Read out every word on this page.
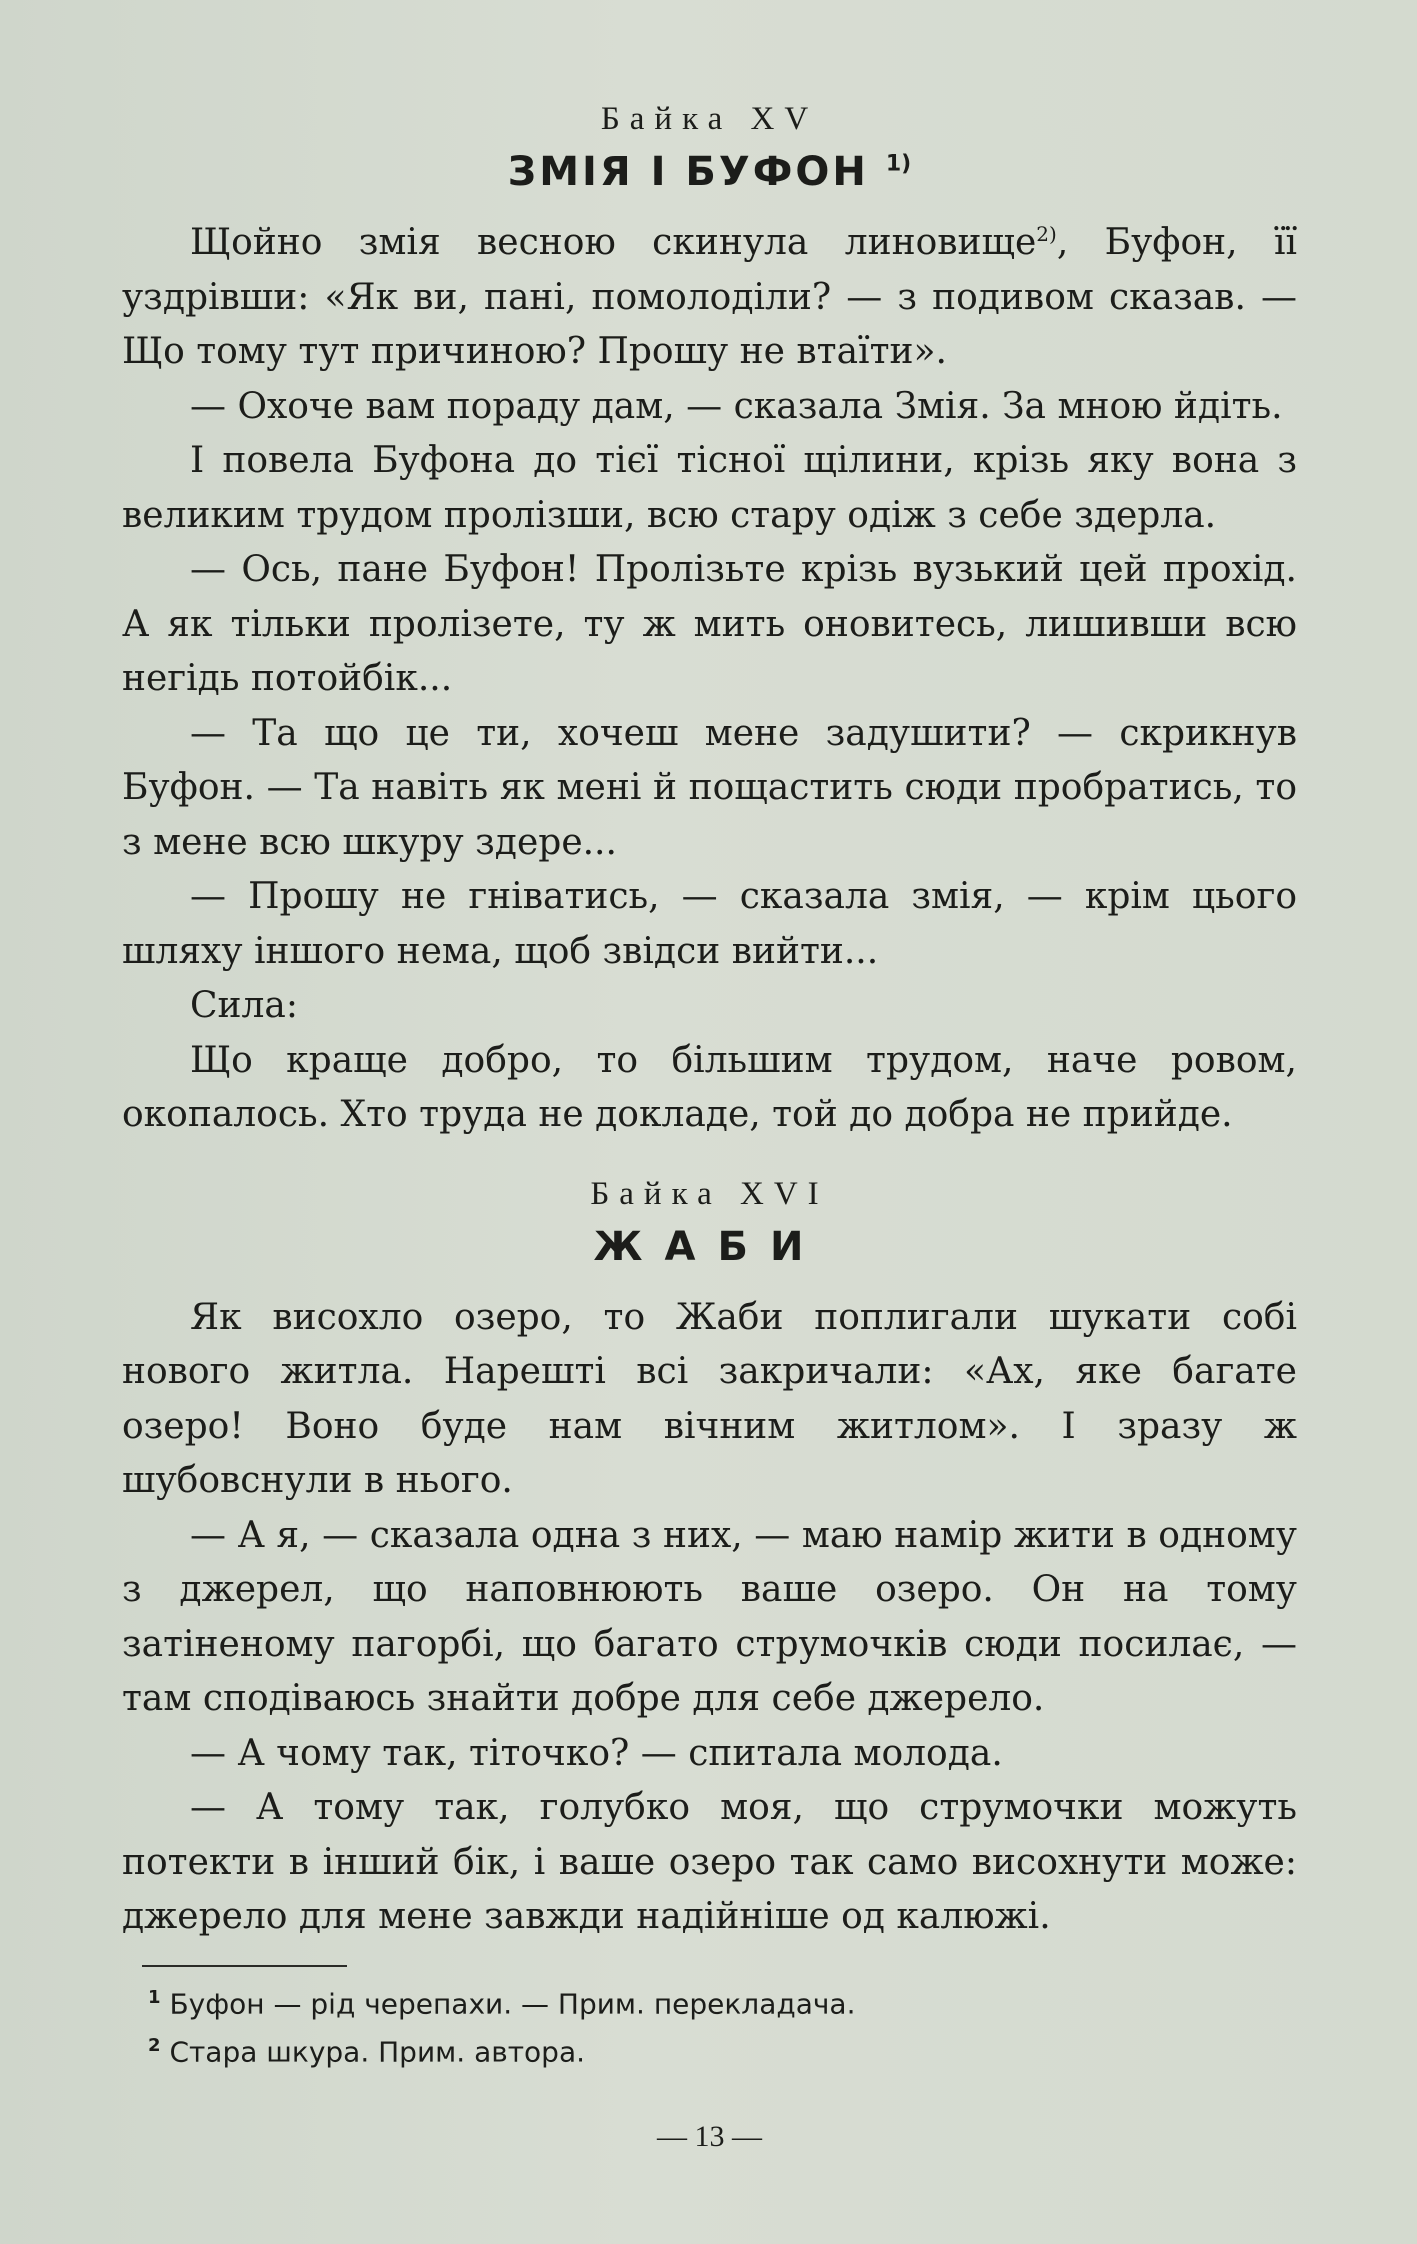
Байка XV

ЗМІЯ І БУФОН $^{1)}$

Щойно змія весною скинула линовище$^{2)}$, Буфон, її уздрівши: «Як ви, пані, помолоділи? — з подивом сказав. — Що тому тут причиною? Прошу не втаїти».

— Охоче вам пораду дам, — сказала Змія. За мною йдіть.

І повела Буфона до тієї тісної щілини, крізь яку вона з великим трудом пролізши, всю стару одіж з себе здерла.

— Ось, пане Буфон! Пролізьте крізь вузький цей прохід. А як тільки пролізете, ту ж мить оновитесь, лишивши всю негідь потойбік...

— Та що це ти, хочеш мене задушити? — скрикнув Буфон. — Та навіть як мені й пощастить сюди пробратись, то з мене всю шкуру здере...

— Прошу не гніватись, — сказала змія, — крім цього шляху іншого нема, щоб звідси вийти...

Сила:

Що краще добро, то більшим трудом, наче ровом, окопалось. Хто труда не докладе, той до добра не прийде.

Байка XVI

ЖАБИ

Як висохло озеро, то Жаби поплигали шукати собі нового житла. Нарешті всі закричали: «Ах, яке багате озеро! Воно буде нам вічним житлом». І зразу ж шубовснули в нього.

— А я, — сказала одна з них, — маю намір жити в одному з джерел, що наповнюють ваше озеро. Он на тому затіненому пагорбі, що багато струмочків сюди посилає, — там сподіваюсь знайти добре для себе джерело.

— А чому так, тіточко? — спитала молода.

— А тому так, голубко моя, що струмочки можуть потекти в інший бік, і ваше озеро так само висохнути може: джерело для мене завжди надійніше од калюжі.

$^1$ Буфон — рід черепахи. — Прим. перекладача.

$^2$ Стара шкура. Прим. автора.

— 13 —
